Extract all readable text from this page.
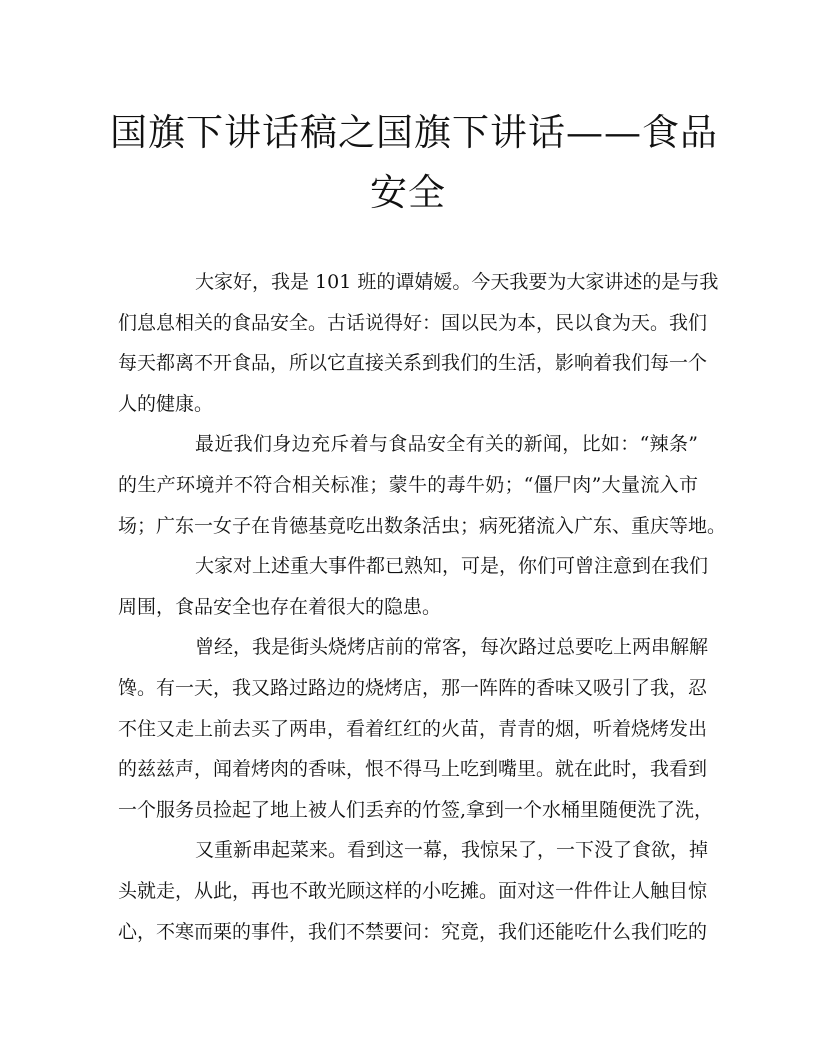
国旗下讲话稿之国旗下讲话——食品
安全
大家好，我是 101 班的谭婧嫒。今天我要为大家讲述的是与我
们息息相关的食品安全。古话说得好：国以民为本，民以食为天。我们
每天都离不开食品，所以它直接关系到我们的生活，影响着我们每一个
人的健康。
最近我们身边充斥着与食品安全有关的新闻，比如：“辣条”
的生产环境并不符合相关标准；蒙牛的毒牛奶；“僵尸肉”大量流入市
场；广东一女子在肯德基竟吃出数条活虫；病死猪流入广东、重庆等地。
大家对上述重大事件都已熟知，可是，你们可曾注意到在我们
周围，食品安全也存在着很大的隐患。
曾经，我是街头烧烤店前的常客，每次路过总要吃上两串解解
馋。有一天，我又路过路边的烧烤店，那一阵阵的香味又吸引了我，忍
不住又走上前去买了两串，看着红红的火苗，青青的烟，听着烧烤发出
的兹兹声，闻着烤肉的香味，恨不得马上吃到嘴里。就在此时，我看到
一个服务员捡起了地上被人们丢弃的竹签,拿到一个水桶里随便洗了洗，
又重新串起菜来。看到这一幕，我惊呆了，一下没了食欲，掉
头就走，从此，再也不敢光顾这样的小吃摊。面对这一件件让人触目惊
心，不寒而栗的事件，我们不禁要问：究竟，我们还能吃什么我们吃的
